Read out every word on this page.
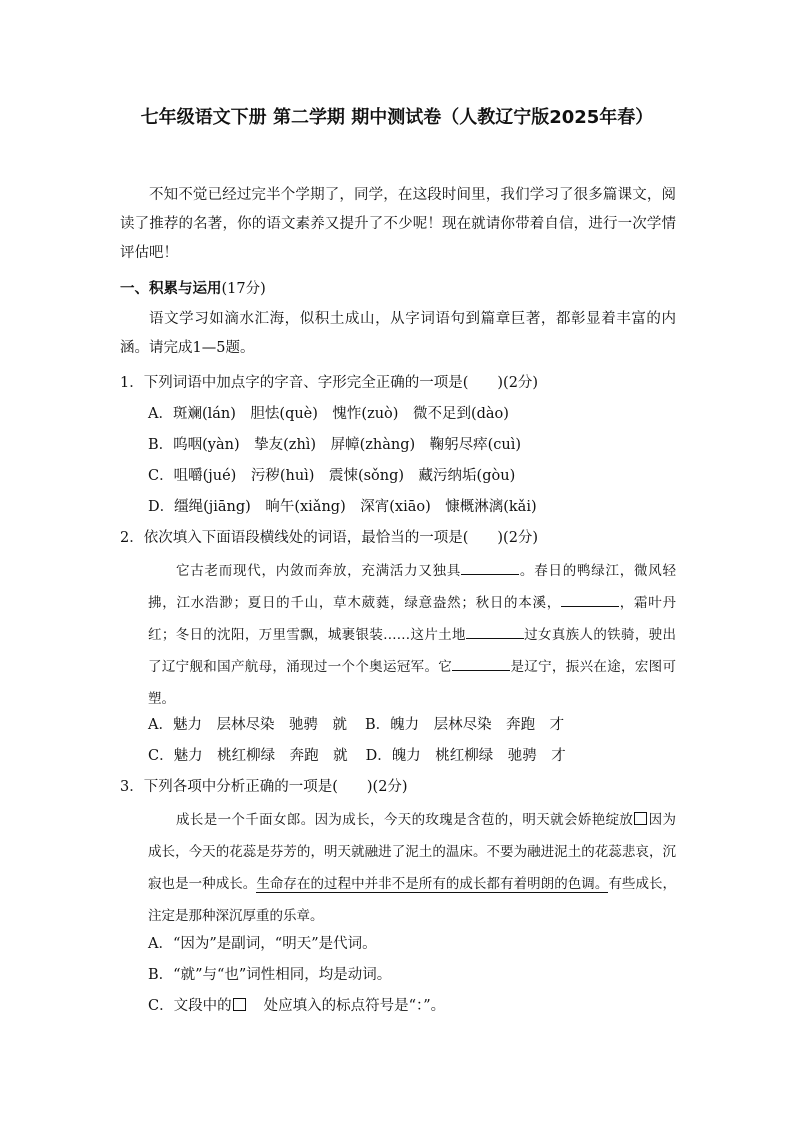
七年级语文下册 第二学期 期中测试卷（人教辽宁版2025年春）
不知不觉已经过完半个学期了，同学，在这段时间里，我们学习了很多篇课文，阅读了推荐的名著，你的语文素养又提升了不少呢！现在就请你带着自信，进行一次学情评估吧！
一、积累与运用(17分)
语文学习如滴水汇海，似积土成山，从字词语句到篇章巨著，都彰显着丰富的内涵。请完成1—5题。
1．下列词语中加点字的字音、字形完全正确的一项是(　　)(2分)
A．斑斓(lán)　胆怯(què)　愧怍(zuò)　微不足到(dào)
B．呜咽(yàn)　挚友(zhì)　屏幛(zhàng)　鞠躬尽瘁(cuì)
C．咀嚼(jué)　污秽(huì)　震悚(sǒng)　藏污纳垢(gòu)
D．缰绳(jiāng)　晌午(xiǎng)　深宵(xiāo)　慷概淋漓(kǎi)
2．依次填入下面语段横线处的词语，最恰当的一项是(　　)(2分)
它古老而现代，内敛而奔放，充满活力又独具	。春日的鸭绿江，微风轻拂，江水浩渺；夏日的千山，草木葳蕤，绿意盎然；秋日的本溪，	，霜叶丹红；冬日的沈阳，万里雪飘，城裹银装……这片土地	过女真族人的铁骑，驶出了辽宁舰和国产航母，涌现过一个个奥运冠军。它	是辽宁，振兴在途，宏图可塑。
A．魅力　层林尽染　驰骋　就 B．魄力　层林尽染　奔跑　才
C．魅力　桃红柳绿　奔跑　就 D．魄力　桃红柳绿　驰骋　才
3．下列各项中分析正确的一项是(　　)(2分)
成长是一个千面女郎。因为成长，今天的玫瑰是含苞的，明天就会娇艳绽放 因为成长，今天的花蕊是芬芳的，明天就融进了泥土的温床。不要为融进泥土的花蕊悲哀，沉寂也是一种成长。生命存在的过程中并非不是所有的成长都有着明朗的色调。有些成长，注定是那种深沉厚重的乐章。
A．“因为”是副词，“明天”是代词。
B．“就”与“也”词性相同，均是动词。
C．文段中的 处应填入的标点符号是“：”。
